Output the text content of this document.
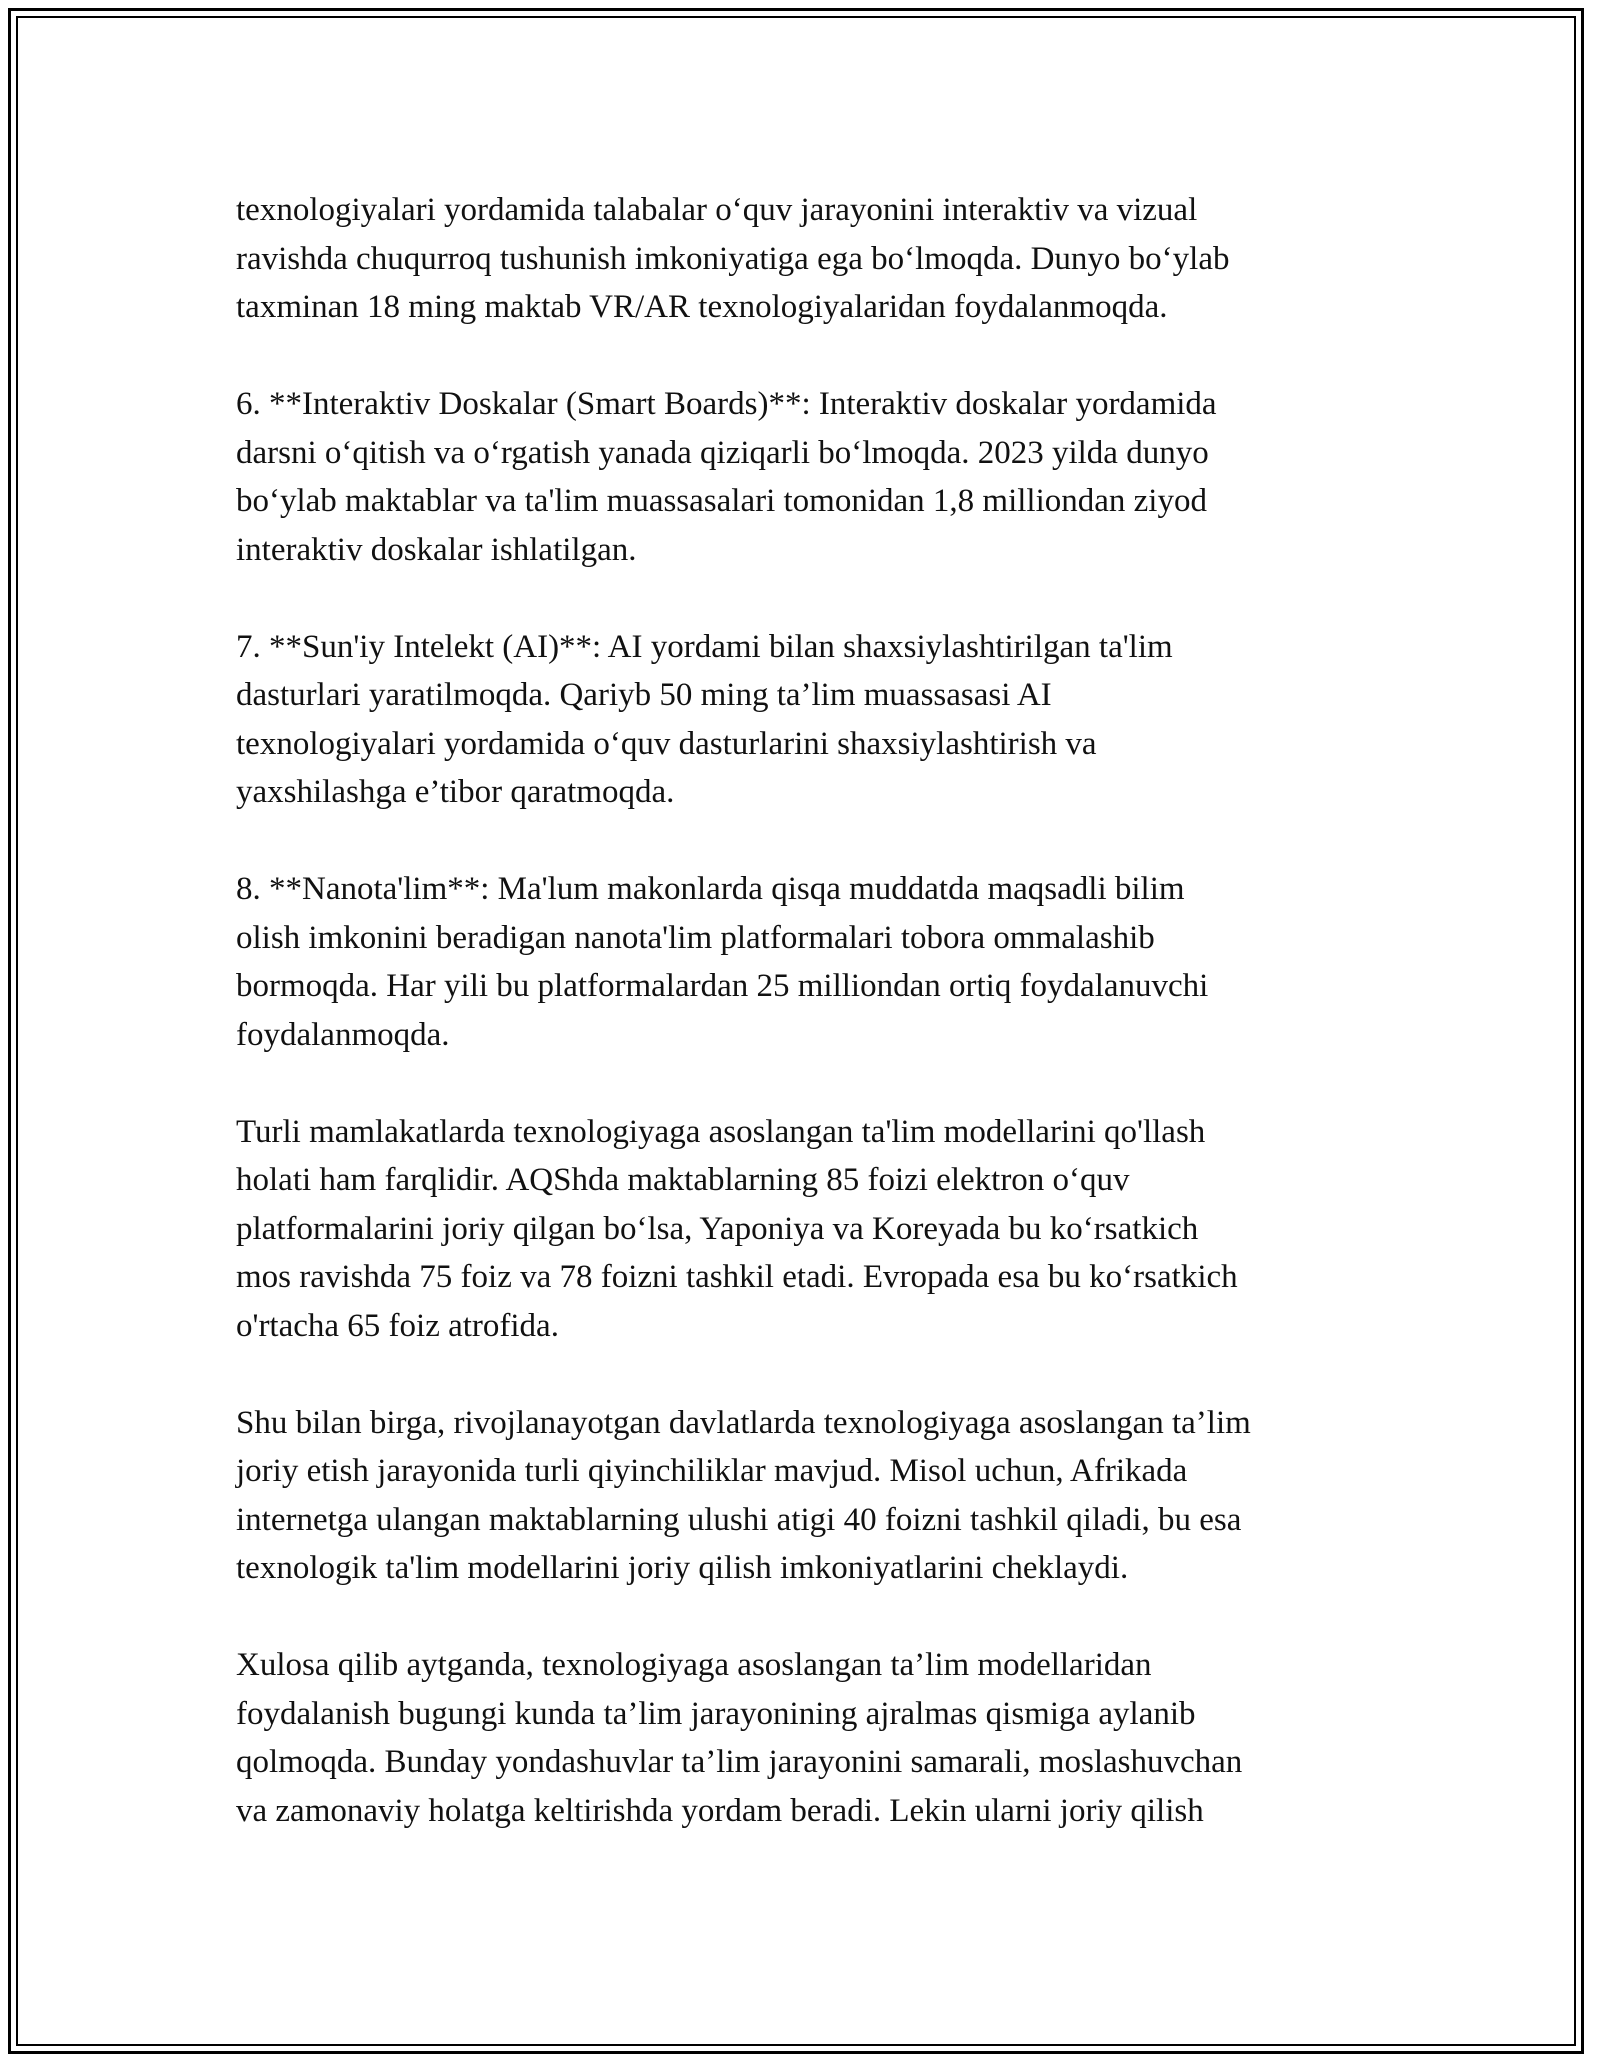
texnologiyalari yordamida talabalar o‘quv jarayonini interaktiv va vizual
ravishda chuqurroq tushunish imkoniyatiga ega bo‘lmoqda. Dunyo bo‘ylab
taxminan 18 ming maktab VR/AR texnologiyalaridan foydalanmoqda.

6. **Interaktiv Doskalar (Smart Boards)**: Interaktiv doskalar yordamida
darsni o‘qitish va o‘rgatish yanada qiziqarli bo‘lmoqda. 2023 yilda dunyo
bo‘ylab maktablar va ta'lim muassasalari tomonidan 1,8 milliondan ziyod
interaktiv doskalar ishlatilgan.

7. **Sun'iy Intelekt (AI)**: AI yordami bilan shaxsiylashtirilgan ta'lim
dasturlari yaratilmoqda. Qariyb 50 ming ta’lim muassasasi AI
texnologiyalari yordamida o‘quv dasturlarini shaxsiylashtirish va
yaxshilashga e’tibor qaratmoqda.

8. **Nanota'lim**: Ma'lum makonlarda qisqa muddatda maqsadli bilim
olish imkonini beradigan nanota'lim platformalari tobora ommalashib
bormoqda. Har yili bu platformalardan 25 milliondan ortiq foydalanuvchi
foydalanmoqda.

Turli mamlakatlarda texnologiyaga asoslangan ta'lim modellarini qo'llash
holati ham farqlidir. AQShda maktablarning 85 foizi elektron o‘quv
platformalarini joriy qilgan bo‘lsa, Yaponiya va Koreyada bu ko‘rsatkich
mos ravishda 75 foiz va 78 foizni tashkil etadi. Evropada esa bu ko‘rsatkich
o'rtacha 65 foiz atrofida.

Shu bilan birga, rivojlanayotgan davlatlarda texnologiyaga asoslangan ta’lim
joriy etish jarayonida turli qiyinchiliklar mavjud. Misol uchun, Afrikada
internetga ulangan maktablarning ulushi atigi 40 foizni tashkil qiladi, bu esa
texnologik ta'lim modellarini joriy qilish imkoniyatlarini cheklaydi.

Xulosa qilib aytganda, texnologiyaga asoslangan ta’lim modellaridan
foydalanish bugungi kunda ta’lim jarayonining ajralmas qismiga aylanib
qolmoqda. Bunday yondashuvlar ta’lim jarayonini samarali, moslashuvchan
va zamonaviy holatga keltirishda yordam beradi. Lekin ularni joriy qilish
